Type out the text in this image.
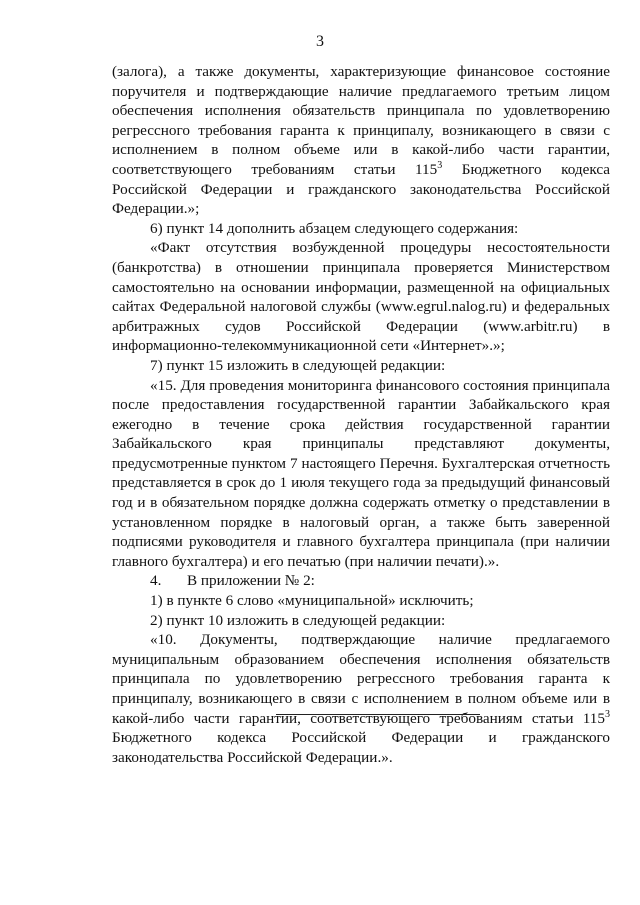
3

(залога), а также документы, характеризующие финансовое состояние поручителя и подтверждающие наличие предлагаемого третьим лицом обеспечения исполнения обязательств принципала по удовлетворению регрессного требования гаранта к принципалу, возникающего в связи с исполнением в полном объеме или в какой-либо части гарантии, соответствующего требованиям статьи $115^3$ Бюджетного кодекса Российской Федерации и гражданского законодательства Российской Федерации.»;

6) пункт 14 дополнить абзацем следующего содержания:

«Факт отсутствия возбужденной процедуры несостоятельности (банкротства) в отношении принципала проверяется Министерством самостоятельно на основании информации, размещенной на официальных сайтах Федеральной налоговой службы (www.egrul.nalog.ru) и федеральных арбитражных судов Российской Федерации (www.arbitr.ru) в информационно-телекоммуникационной сети «Интернет».»;

7) пункт 15 изложить в следующей редакции:

«15. Для проведения мониторинга финансового состояния принципала после предоставления государственной гарантии Забайкальского края ежегодно в течение срока действия государственной гарантии Забайкальского края принципалы представляют документы, предусмотренные пунктом 7 настоящего Перечня. Бухгалтерская отчетность представляется в срок до 1 июля текущего года за предыдущий финансовый год и в обязательном порядке должна содержать отметку о представлении в установленном порядке в налоговый орган, а также быть заверенной подписями руководителя и главного бухгалтера принципала (при наличии главного бухгалтера) и его печатью (при наличии печати).».

4. В приложении № 2:

1) в пункте 6 слово «муниципальной» исключить;

2) пункт 10 изложить в следующей редакции:

«10. Документы, подтверждающие наличие предлагаемого муниципальным образованием обеспечения исполнения обязательств принципала по удовлетворению регрессного требования гаранта к принципалу, возникающего в связи с исполнением в полном объеме или в какой-либо части гарантии, соответствующего требованиям статьи $115^3$ Бюджетного кодекса Российской Федерации и гражданского законодательства Российской Федерации.».
